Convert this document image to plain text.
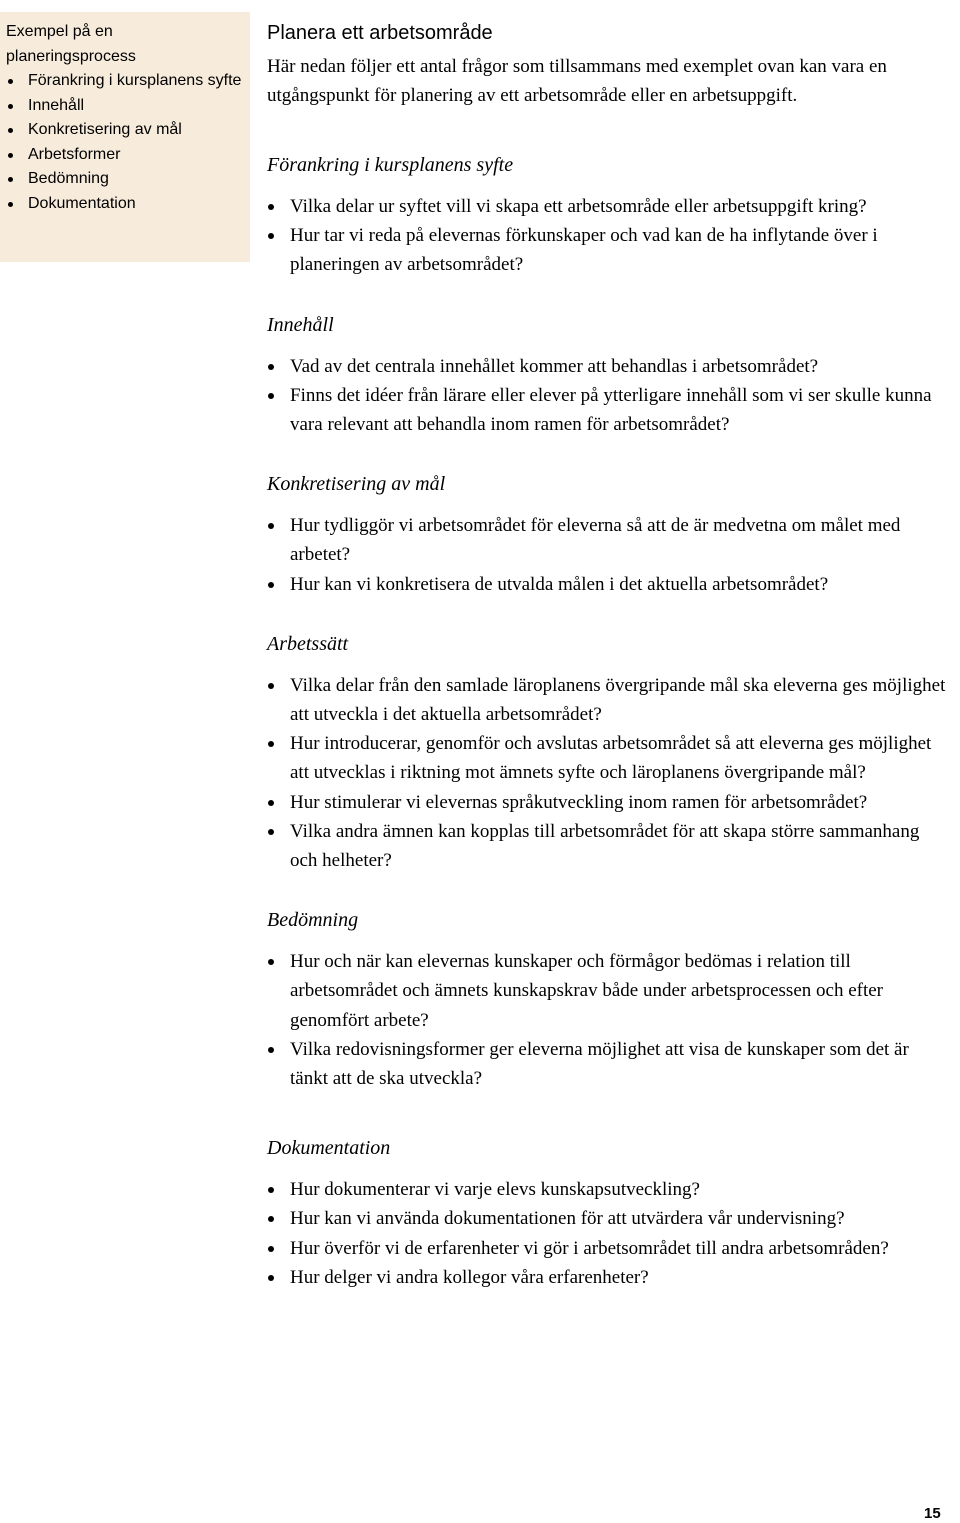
Exempel på en planeringsprocess
Förankring i kursplanens syfte
Innehåll
Konkretisering av mål
Arbetsformer
Bedömning
Dokumentation
Planera ett arbetsområde

Här nedan följer ett antal frågor som tillsammans med exemplet ovan kan vara en utgångspunkt för planering av ett arbetsområde eller en arbetsuppgift.

Förankring i kursplanens syfte
Vilka delar ur syftet vill vi skapa ett arbetsområde eller arbetsuppgift kring?
Hur tar vi reda på elevernas förkunskaper och vad kan de ha inflytande över i planeringen av arbetsområdet?
Innehåll
Vad av det centrala innehållet kommer att behandlas i arbetsområdet?
Finns det idéer från lärare eller elever på ytterligare innehåll som vi ser skulle kunna vara relevant att behandla inom ramen för arbetsområdet?
Konkretisering av mål
Hur tydliggör vi arbetsområdet för eleverna så att de är medvetna om målet med arbetet?
Hur kan vi konkretisera de utvalda målen i det aktuella arbetsområdet?
Arbetssätt
Vilka delar från den samlade läroplanens övergripande mål ska eleverna ges möjlighet att utveckla i det aktuella arbetsområdet?
Hur introducerar, genomför och avslutas arbetsområdet så att eleverna ges möjlighet att utvecklas i riktning mot ämnets syfte och läroplanens övergripande mål?
Hur stimulerar vi elevernas språkutveckling inom ramen för arbetsområdet?
Vilka andra ämnen kan kopplas till arbetsområdet för att skapa större sammanhang och helheter?
Bedömning
Hur och när kan elevernas kunskaper och förmågor bedömas i relation till arbetsområdet och ämnets kunskapskrav både under arbetsprocessen och efter genomfört arbete?
Vilka redovisningsformer ger eleverna möjlighet att visa de kunskaper som det är tänkt att de ska utveckla?
Dokumentation
Hur dokumenterar vi varje elevs kunskapsutveckling?
Hur kan vi använda dokumentationen för att utvärdera vår undervisning?
Hur överför vi de erfarenheter vi gör i arbetsområdet till andra arbetsområden?
Hur delger vi andra kollegor våra erfarenheter?
15
